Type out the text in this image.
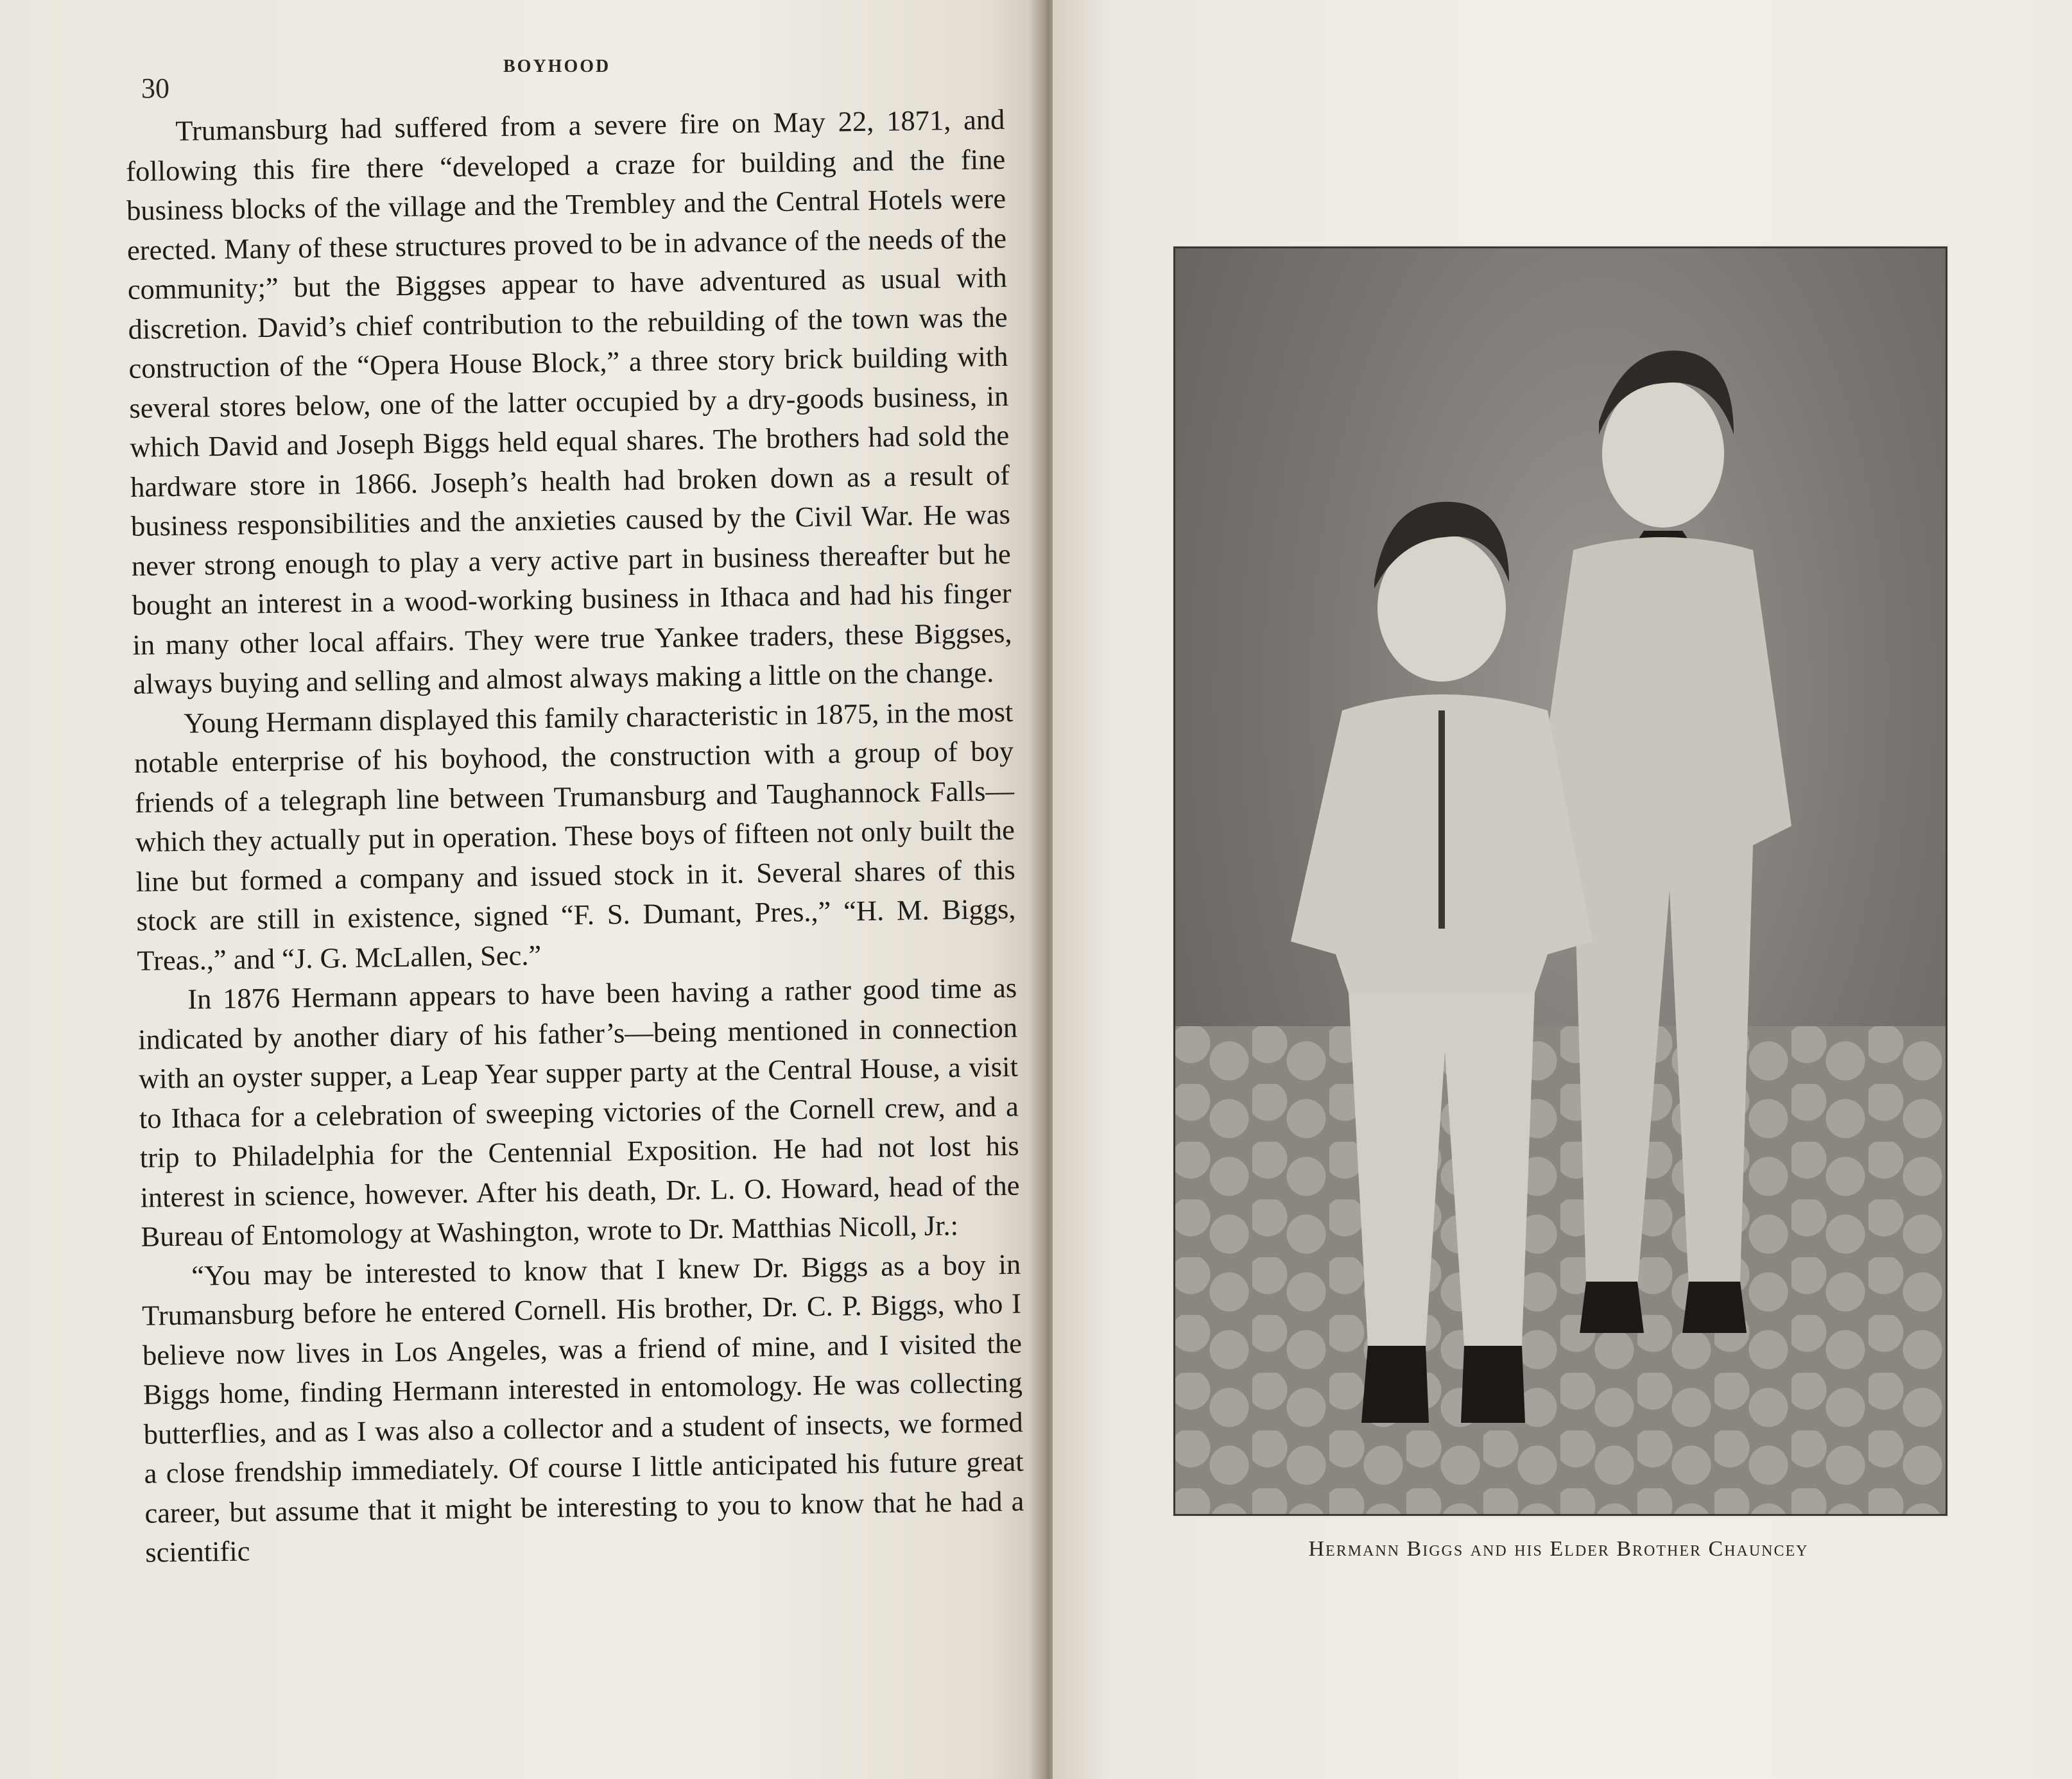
30
BOYHOOD

Trumansburg had suffered from a severe fire on May 22, 1871, and following this fire there “developed a craze for building and the fine business blocks of the village and the Trembley and the Central Hotels were erected. Many of these structures proved to be in advance of the needs of the community;” but the Biggses appear to have adventured as usual with discretion. David’s chief contribution to the rebuilding of the town was the construction of the “Opera House Block,” a three story brick building with several stores below, one of the latter occupied by a dry-goods business, in which David and Joseph Biggs held equal shares. The brothers had sold the hardware store in 1866. Joseph’s health had broken down as a result of business responsibilities and the anxieties caused by the Civil War. He was never strong enough to play a very active part in business thereafter but he bought an interest in a wood-working business in Ithaca and had his finger in many other local affairs. They were true Yankee traders, these Biggses, always buying and selling and almost always making a little on the change.

Young Hermann displayed this family characteristic in 1875, in the most notable enterprise of his boyhood, the construction with a group of boy friends of a telegraph line between Trumansburg and Taughannock Falls—which they actually put in operation. These boys of fifteen not only built the line but formed a company and issued stock in it. Several shares of this stock are still in existence, signed “F. S. Dumant, Pres.,” “H. M. Biggs, Treas.,” and “J. G. McLallen, Sec.”

In 1876 Hermann appears to have been having a rather good time as indicated by another diary of his father’s—being mentioned in connection with an oyster supper, a Leap Year supper party at the Central House, a visit to Ithaca for a celebration of sweeping victories of the Cornell crew, and a trip to Philadelphia for the Centennial Exposition. He had not lost his interest in science, however. After his death, Dr. L. O. Howard, head of the Bureau of Entomology at Washington, wrote to Dr. Matthias Nicoll, Jr.:

“You may be interested to know that I knew Dr. Biggs as a boy in Trumansburg before he entered Cornell. His brother, Dr. C. P. Biggs, who I believe now lives in Los Angeles, was a friend of mine, and I visited the Biggs home, finding Hermann interested in entomology. He was collecting butterflies, and as I was also a collector and a student of insects, we formed a close frendship immediately. Of course I little anticipated his future great career, but assume that it might be interesting to you to know that he had a scientific	Hermann Biggs and his Elder Brother Chauncey
